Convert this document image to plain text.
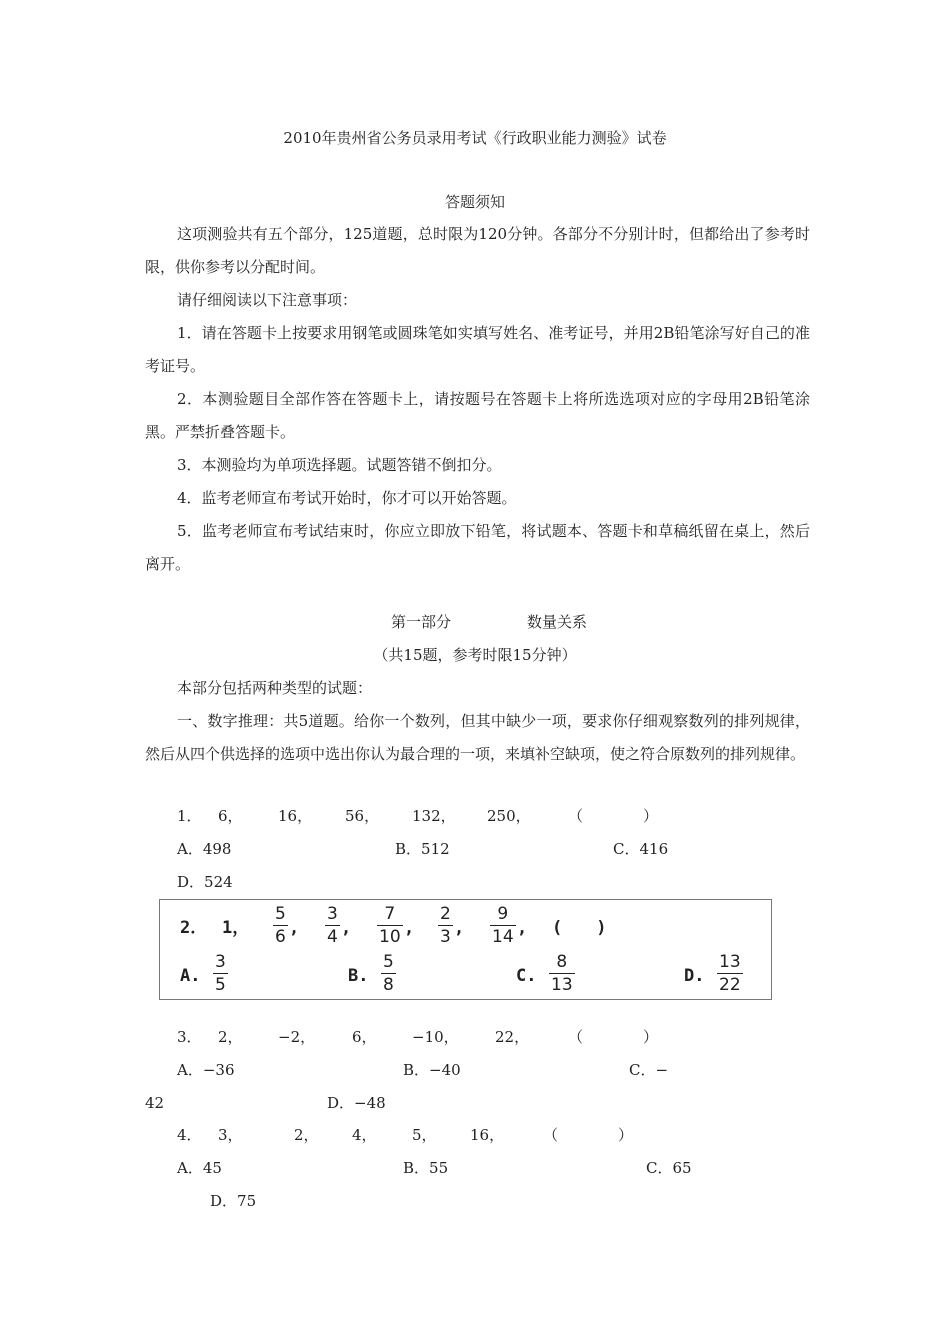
2010年贵州省公务员录用考试《行政职业能力测验》试卷
答题须知
这项测验共有五个部分，125道题，总时限为120分钟。各部分不分别计时，但都给出了参考时限，供你参考以分配时间。
请仔细阅读以下注意事项：
1．请在答题卡上按要求用钢笔或圆珠笔如实填写姓名、准考证号，并用2B铅笔涂写好自己的准考证号。
2．本测验题目全部作答在答题卡上，请按题号在答题卡上将所选选项对应的字母用2B铅笔涂黑。严禁折叠答题卡。
3．本测验均为单项选择题。试题答错不倒扣分。
4．监考老师宣布考试开始时，你才可以开始答题。
5．监考老师宣布考试结束时，你应立即放下铅笔，将试题本、答题卡和草稿纸留在桌上，然后离开。
第一部分	数量关系
（共15题，参考时限15分钟）
本部分包括两种类型的试题：
一、数字推理：共5道题。给你一个数列，但其中缺少一项，要求你仔细观察数列的排列规律，然后从四个供选择的选项中选出你认为最合理的一项，来填补空缺项，使之符合原数列的排列规律。
1． 6， 16， 56， 132， 250， （　　　　）
A．498	B．512	C．416
D．524
2． 1，
5
6 ,
3
4 ,
7
10 ,
2
3 ,
9
14 , (　　)
A.
3
5	B.
5
8	C.
8
13	D.
13
22
3． 2， −2， 6， −10， 22，	（　　　　）
A．−36	B．−40	C．−
42	D．−48
4． 3，	2， 4， 5， 16，	（　　　　）
A．45	B．55	C．65
D．75
